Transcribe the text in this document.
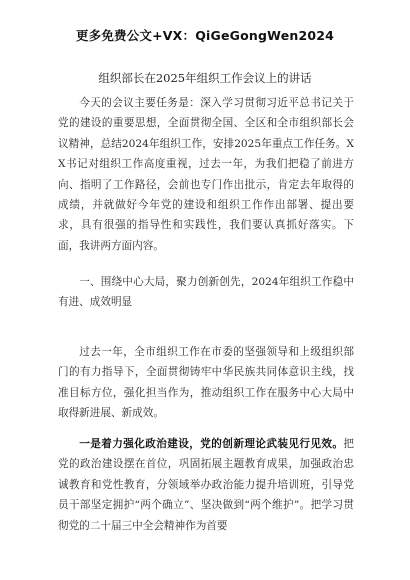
更多免费公文+VX：QiGeGongWen2024
组织部长在2025年组织工作会议上的讲话

今天的会议主要任务是：深入学习贯彻习近平总书记关于党的建设的重要思想，全面贯彻全国、全区和全市组织部长会议精神，总结2024年组织工作，安排2025年重点工作任务。XX书记对组织工作高度重视，过去一年，为我们把稳了前进方向、指明了工作路径，会前也专门作出批示，肯定去年取得的成绩，并就做好今年党的建设和组织工作作出部署、提出要求，具有很强的指导性和实践性，我们要认真抓好落实。下面，我讲两方面内容。

一、围绕中心大局，聚力创新创先，2024年组织工作稳中有进、成效明显

过去一年，全市组织工作在市委的坚强领导和上级组织部门的有力指导下，全面贯彻铸牢中华民族共同体意识主线，找准目标方位，强化担当作为，推动组织工作在服务中心大局中取得新进展、新成效。

一是着力强化政治建设，党的创新理论武装见行见效。把党的政治建设摆在首位，巩固拓展主题教育成果，加强政治忠诚教育和党性教育，分领域举办政治能力提升培训班，引导党员干部坚定拥护“两个确立”、坚决做到“两个维护”。把学习贯彻党的二十届三中全会精神作为首要
